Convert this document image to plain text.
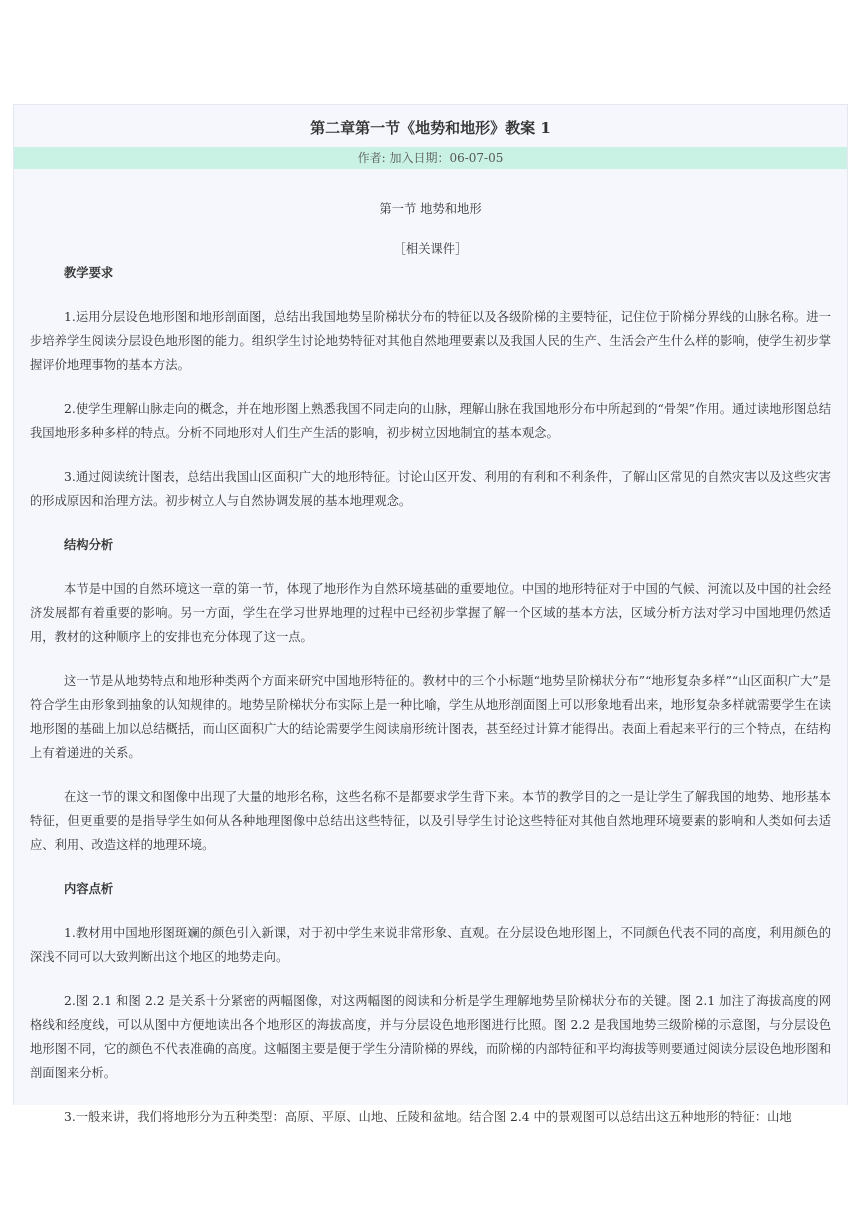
第二章第一节《地势和地形》教案 1
作者: 加入日期：06-07-05
第一节 地势和地形
［相关课件］
教学要求

1.运用分层设色地形图和地形剖面图，总结出我国地势呈阶梯状分布的特征以及各级阶梯的主要特征，记住位于阶梯分界线的山脉名称。进一步培养学生阅读分层设色地形图的能力。组织学生讨论地势特征对其他自然地理要素以及我国人民的生产、生活会产生什么样的影响，使学生初步掌握评价地理事物的基本方法。

2.使学生理解山脉走向的概念，并在地形图上熟悉我国不同走向的山脉，理解山脉在我国地形分布中所起到的“骨架”作用。通过读地形图总结我国地形多种多样的特点。分析不同地形对人们生产生活的影响，初步树立因地制宜的基本观念。

3.通过阅读统计图表，总结出我国山区面积广大的地形特征。讨论山区开发、利用的有利和不利条件，了解山区常见的自然灾害以及这些灾害的形成原因和治理方法。初步树立人与自然协调发展的基本地理观念。

结构分析

本节是中国的自然环境这一章的第一节，体现了地形作为自然环境基础的重要地位。中国的地形特征对于中国的气候、河流以及中国的社会经济发展都有着重要的影响。另一方面，学生在学习世界地理的过程中已经初步掌握了解一个区域的基本方法，区域分析方法对学习中国地理仍然适用，教材的这种顺序上的安排也充分体现了这一点。

这一节是从地势特点和地形种类两个方面来研究中国地形特征的。教材中的三个小标题“地势呈阶梯状分布”“地形复杂多样”“山区面积广大”是符合学生由形象到抽象的认知规律的。地势呈阶梯状分布实际上是一种比喻，学生从地形剖面图上可以形象地看出来，地形复杂多样就需要学生在读地形图的基础上加以总结概括，而山区面积广大的结论需要学生阅读扇形统计图表，甚至经过计算才能得出。表面上看起来平行的三个特点，在结构上有着递进的关系。

在这一节的课文和图像中出现了大量的地形名称，这些名称不是都要求学生背下来。本节的教学目的之一是让学生了解我国的地势、地形基本特征，但更重要的是指导学生如何从各种地理图像中总结出这些特征，以及引导学生讨论这些特征对其他自然地理环境要素的影响和人类如何去适应、利用、改造这样的地理环境。

内容点析

1.教材用中国地形图斑斓的颜色引入新课，对于初中学生来说非常形象、直观。在分层设色地形图上，不同颜色代表不同的高度，利用颜色的深浅不同可以大致判断出这个地区的地势走向。

2.图 2.1 和图 2.2 是关系十分紧密的两幅图像，对这两幅图的阅读和分析是学生理解地势呈阶梯状分布的关键。图 2.1 加注了海拔高度的网格线和经度线，可以从图中方便地读出各个地形区的海拔高度，并与分层设色地形图进行比照。图 2.2 是我国地势三级阶梯的示意图，与分层设色地形图不同，它的颜色不代表准确的高度。这幅图主要是便于学生分清阶梯的界线，而阶梯的内部特征和平均海拔等则要通过阅读分层设色地形图和剖面图来分析。

3.一般来讲，我们将地形分为五种类型：高原、平原、山地、丘陵和盆地。结合图 2.4 中的景观图可以总结出这五种地形的特征：山地
